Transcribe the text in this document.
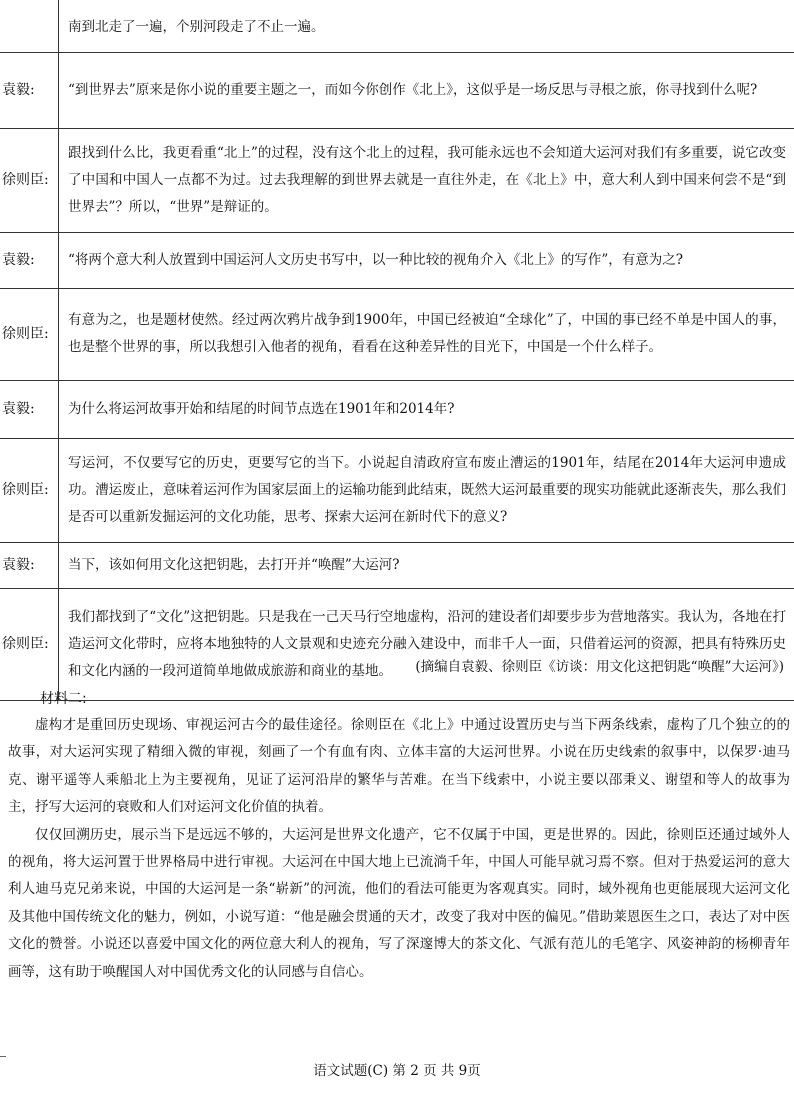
	南到北走了一遍，个别河段走了不止一遍。
袁毅:	“到世界去”原来是你小说的重要主题之一，而如今你创作《北上》，这似乎是一场反思与寻根之旅，你寻找到什么呢?
徐则臣:	跟找到什么比，我更看重“北上”的过程，没有这个北上的过程，我可能永远也不会知道大运河对我们有多重要，说它改变了中国和中国人一点都不为过。过去我理解的到世界去就是一直往外走，在《北上》中，意大利人到中国来何尝不是“到世界去”？所以，“世界”是辩证的。
袁毅:	“将两个意大利人放置到中国运河人文历史书写中，以一种比较的视角介入《北上》的写作”，有意为之?
徐则臣:	有意为之，也是题材使然。经过两次鸦片战争到1900年，中国已经被迫“全球化”了，中国的事已经不单是中国人的事，也是整个世界的事，所以我想引入他者的视角，看看在这种差异性的目光下，中国是一个什么样子。
袁毅:	为什么将运河故事开始和结尾的时间节点选在1901年和2014年?
徐则臣:	写运河，不仅要写它的历史，更要写它的当下。小说起自清政府宣布废止漕运的1901年，结尾在2014年大运河申遗成功。漕运废止，意味着运河作为国家层面上的运输功能到此结束，既然大运河最重要的现实功能就此逐渐丧失，那么我们是否可以重新发掘运河的文化功能，思考、探索大运河在新时代下的意义?
袁毅:	当下，该如何用文化这把钥匙，去打开并“唤醒”大运河?
徐则臣:	我们都找到了“文化”这把钥匙。只是我在一己天马行空地虚构，沿河的建设者们却要步步为营地落实。我认为，各地在打造运河文化带时，应将本地独特的人文景观和史迹充分融入建设中，而非千人一面，只借着运河的资源，把具有特殊历史和文化内涵的一段河道简单地做成旅游和商业的基地。 (摘编自袁毅、徐则臣《访谈：用文化这把钥匙“唤醒”大运河》)
材料二:

虚构才是重回历史现场、审视运河古今的最佳途径。徐则臣在《北上》中通过设置历史与当下两条线索，虚构了几个独立的的故事，对大运河实现了精细入微的审视，刻画了一个有血有肉、立体丰富的大运河世界。小说在历史线索的叙事中，以保罗·迪马克、谢平遥等人乘船北上为主要视角，见证了运河沿岸的繁华与苦难。在当下线索中，小说主要以邵秉义、谢望和等人的故事为主，抒写大运河的衰败和人们对运河文化价值的执着。

仅仅回溯历史，展示当下是远远不够的，大运河是世界文化遗产，它不仅属于中国，更是世界的。因此，徐则臣还通过域外人的视角，将大运河置于世界格局中进行审视。大运河在中国大地上已流淌千年，中国人可能早就习焉不察。但对于热爱运河的意大利人迪马克兄弟来说，中国的大运河是一条“崭新”的河流，他们的看法可能更为客观真实。同时，域外视角也更能展现大运河文化及其他中国传统文化的魅力，例如，小说写道：“他是融会贯通的天才，改变了我对中医的偏见。”借助莱恩医生之口，表达了对中医文化的赞誉。小说还以喜爱中国文化的两位意大利人的视角，写了深邃博大的茶文化、气派有范儿的毛笔字、风姿神韵的杨柳青年画等，这有助于唤醒国人对中国优秀文化的认同感与自信心。

语文试题(C) 第 2 页 共 9页
